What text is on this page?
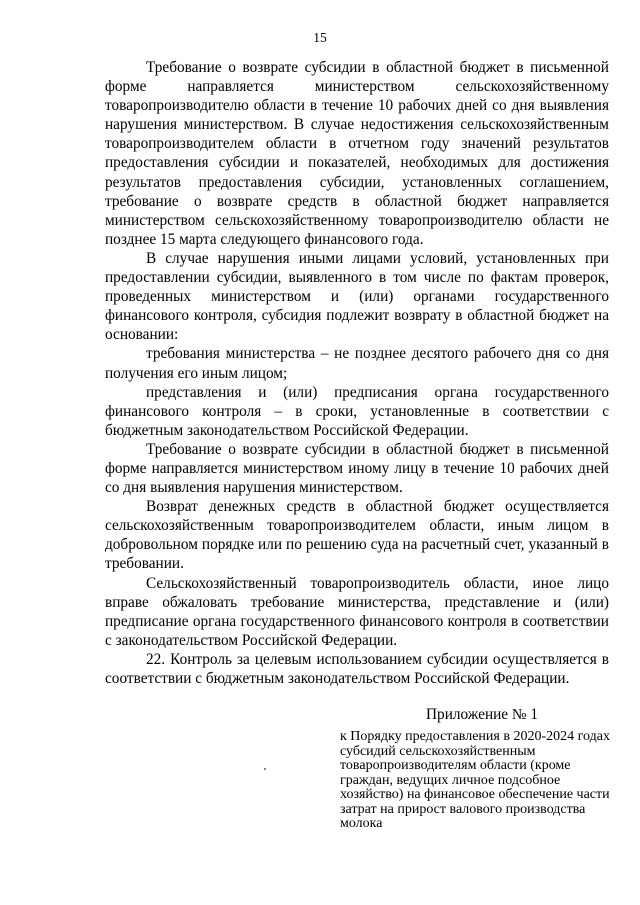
15

Требование о возврате субсидии в областной бюджет в письменной форме направляется министерством сельскохозяйственному товаропроизводителю области в течение 10 рабочих дней со дня выявления нарушения министерством. В случае недостижения сельскохозяйственным товаропроизводителем области в отчетном году значений результатов предоставления субсидии и показателей, необходимых для достижения результатов предоставления субсидии, установленных соглашением, требование о возврате средств в областной бюджет направляется министерством сельскохозяйственному товаропроизводителю области не позднее 15 марта следующего финансового года.

В случае нарушения иными лицами условий, установленных при предоставлении субсидии, выявленного в том числе по фактам проверок, проведенных министерством и (или) органами государственного финансового контроля, субсидия подлежит возврату в областной бюджет на основании:

требования министерства – не позднее десятого рабочего дня со дня получения его иным лицом;

представления и (или) предписания органа государственного финансового контроля – в сроки, установленные в соответствии с бюджетным законодательством Российской Федерации.

Требование о возврате субсидии в областной бюджет в письменной форме направляется министерством иному лицу в течение 10 рабочих дней со дня выявления нарушения министерством.

Возврат денежных средств в областной бюджет осуществляется сельскохозяйственным товаропроизводителем области, иным лицом в добровольном порядке или по решению суда на расчетный счет, указанный в требовании.

Сельскохозяйственный товаропроизводитель области, иное лицо вправе обжаловать требование министерства, представление и (или) предписание органа государственного финансового контроля в соответствии с законодательством Российской Федерации.

22. Контроль за целевым использованием субсидии осуществляется в соответствии с бюджетным законодательством Российской Федерации.

Приложение № 1
к Порядку предоставления в 2020-2024 годах субсидий сельскохозяйственным товаропроизводителям области (кроме граждан, ведущих личное подсобное хозяйство) на финансовое обеспечение части затрат на прирост валового производства молока
